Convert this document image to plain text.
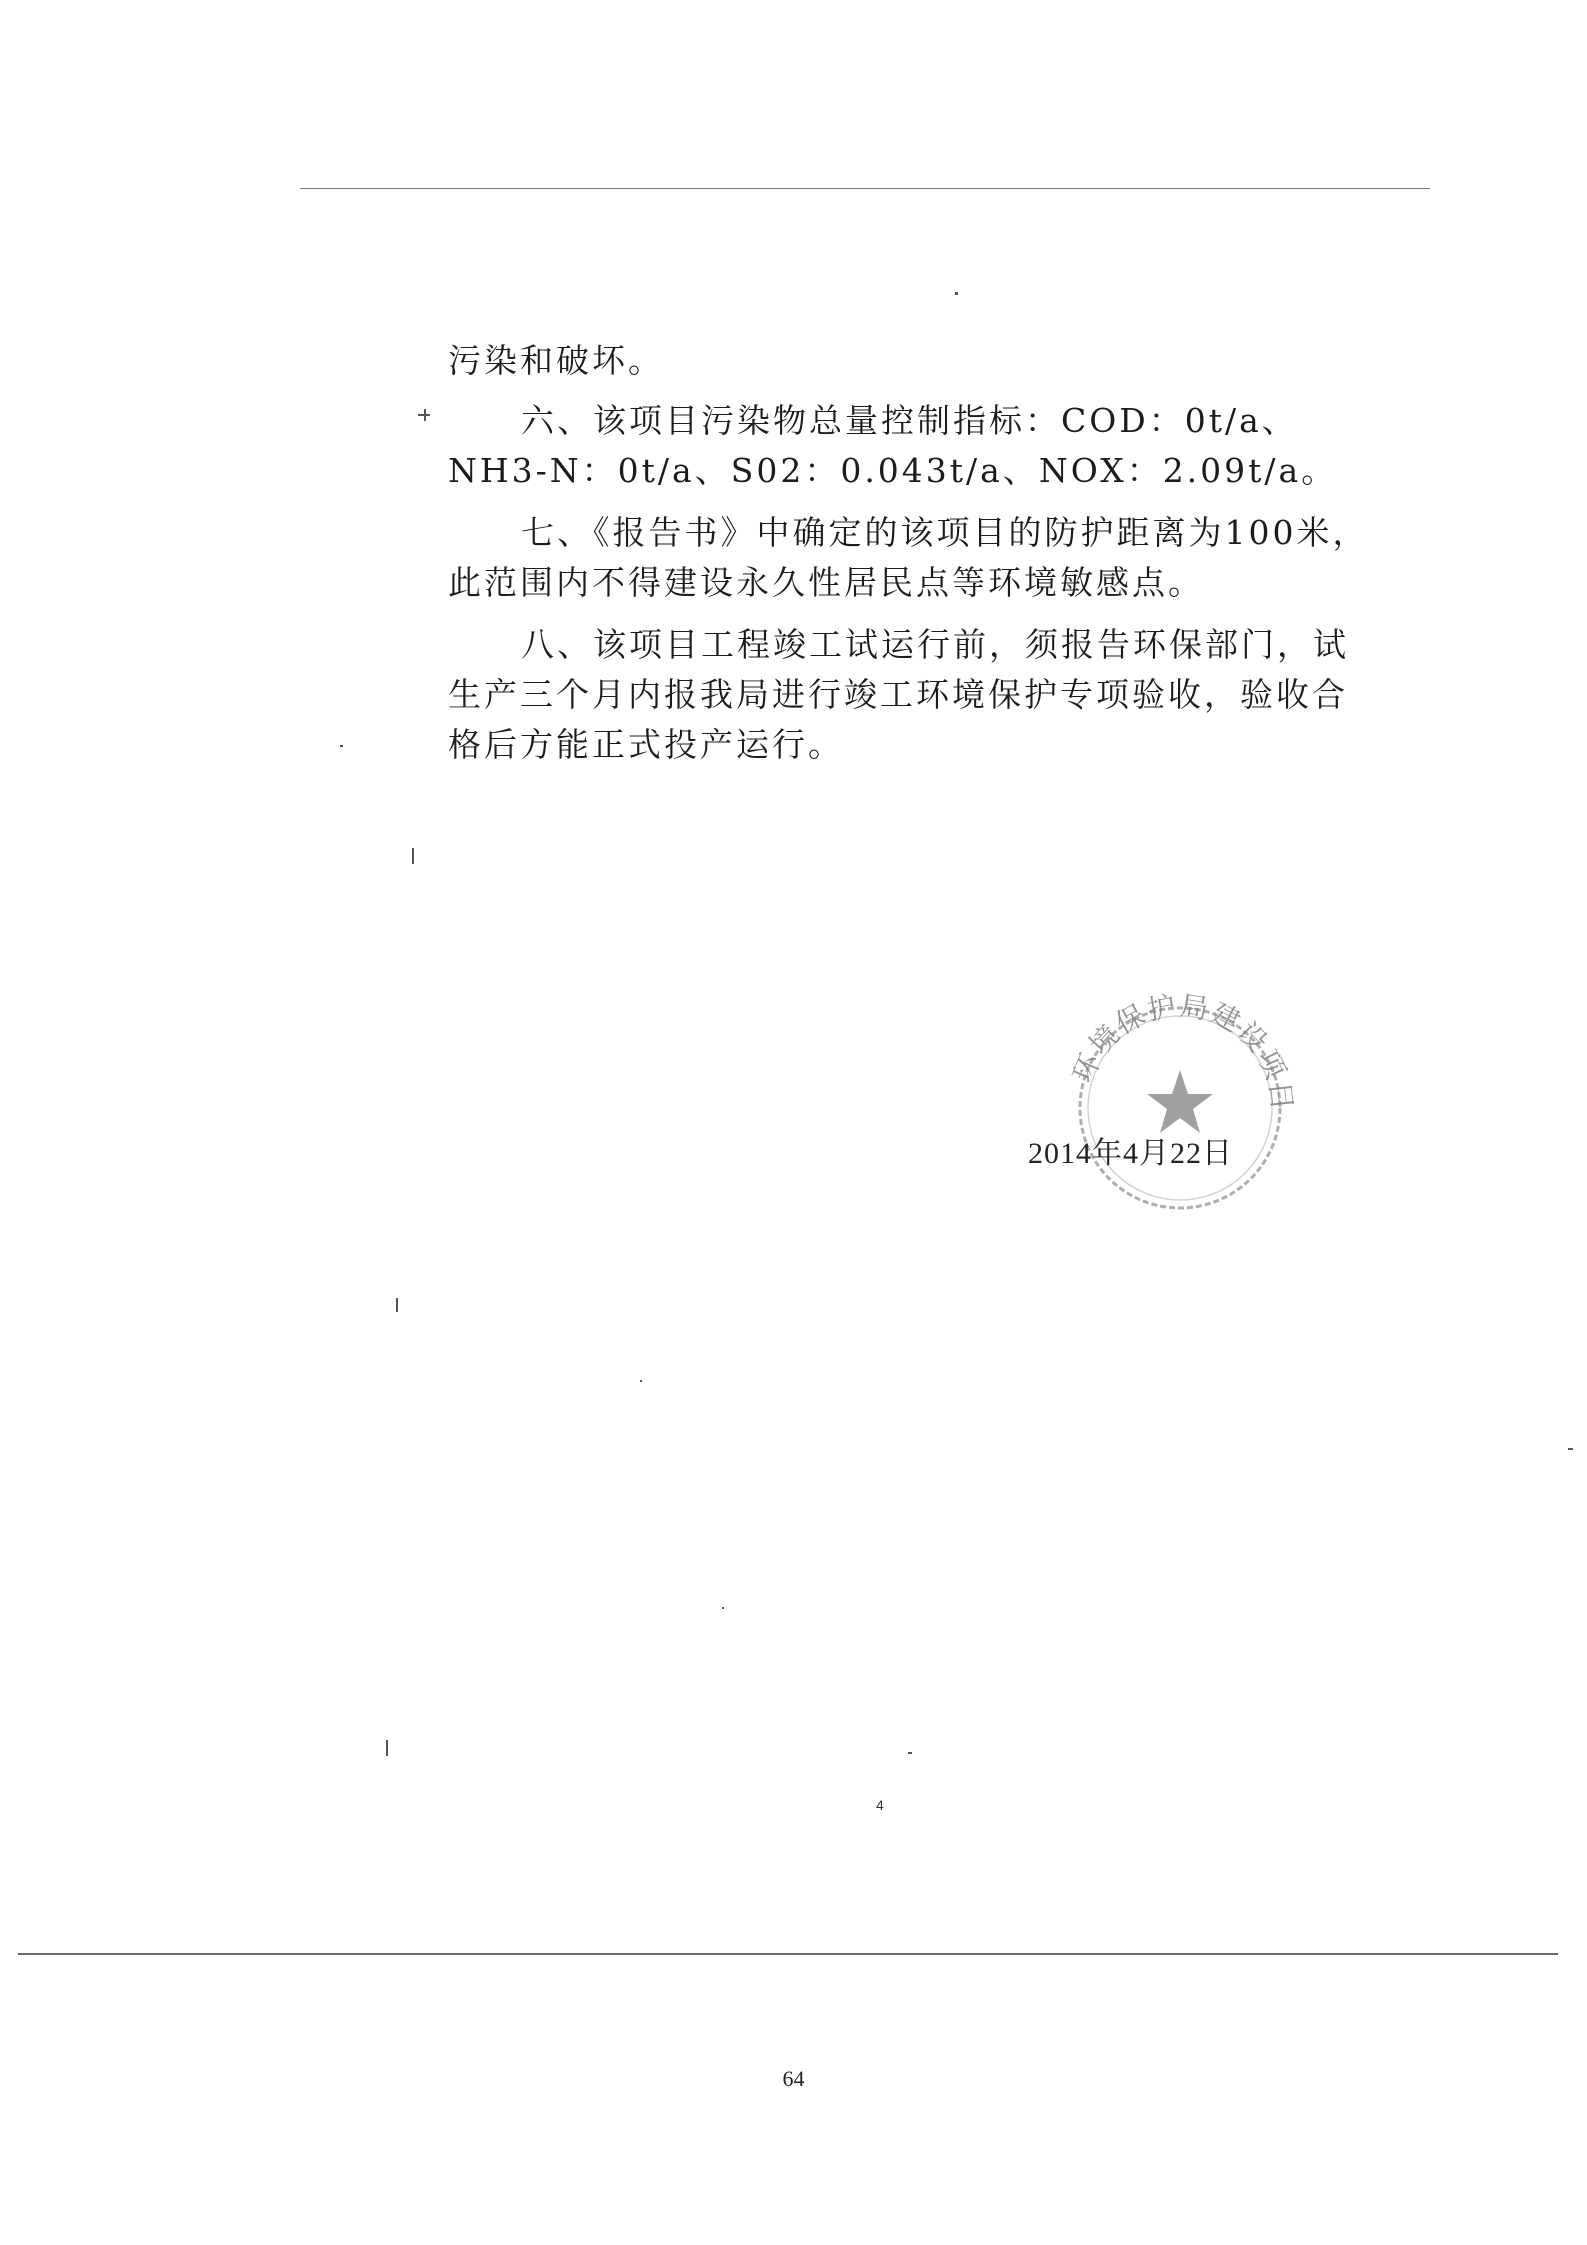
污染和破坏。

六、该项目污染物总量控制指标：COD：0t/a、NH3-N：0t/a、S02：0.043t/a、NOX：2.09t/a。

七、《报告书》中确定的该项目的防护距离为100米，此范围内不得建设永久性居民点等环境敏感点。

八、该项目工程竣工试运行前，须报告环保部门，试生产三个月内报我局进行竣工环境保护专项验收，验收合格后方能正式投产运行。

环境保护局建设项目
2014年4月22日
4
64
